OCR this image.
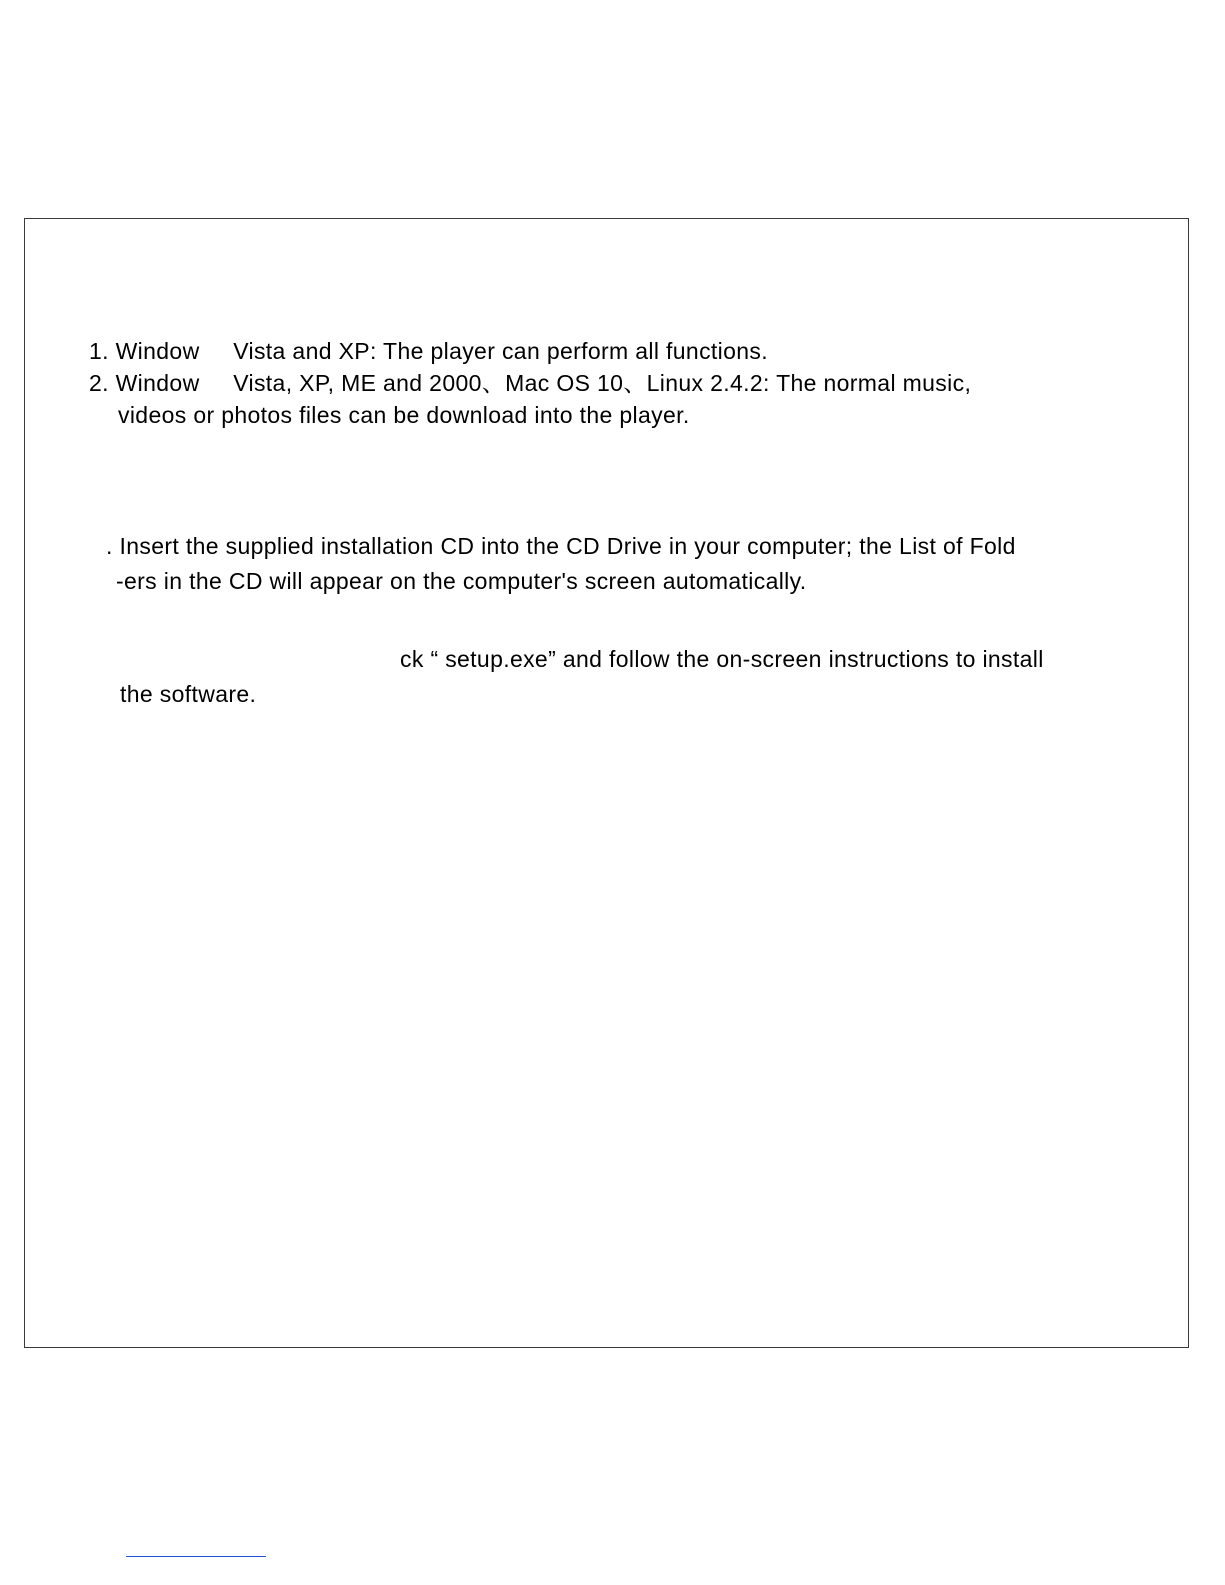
1. Window     Vista and XP: The player can perform all functions.
2. Window     Vista, XP, ME and 2000、Mac OS 10、Linux 2.4.2: The normal music,
videos or photos files can be download into the player.
. Insert the supplied installation CD into the CD Drive in your computer; the List of Fold
-ers in the CD will appear on the computer's screen automatically.
ck “ setup.exe” and follow the on-screen instructions to install
the software.
